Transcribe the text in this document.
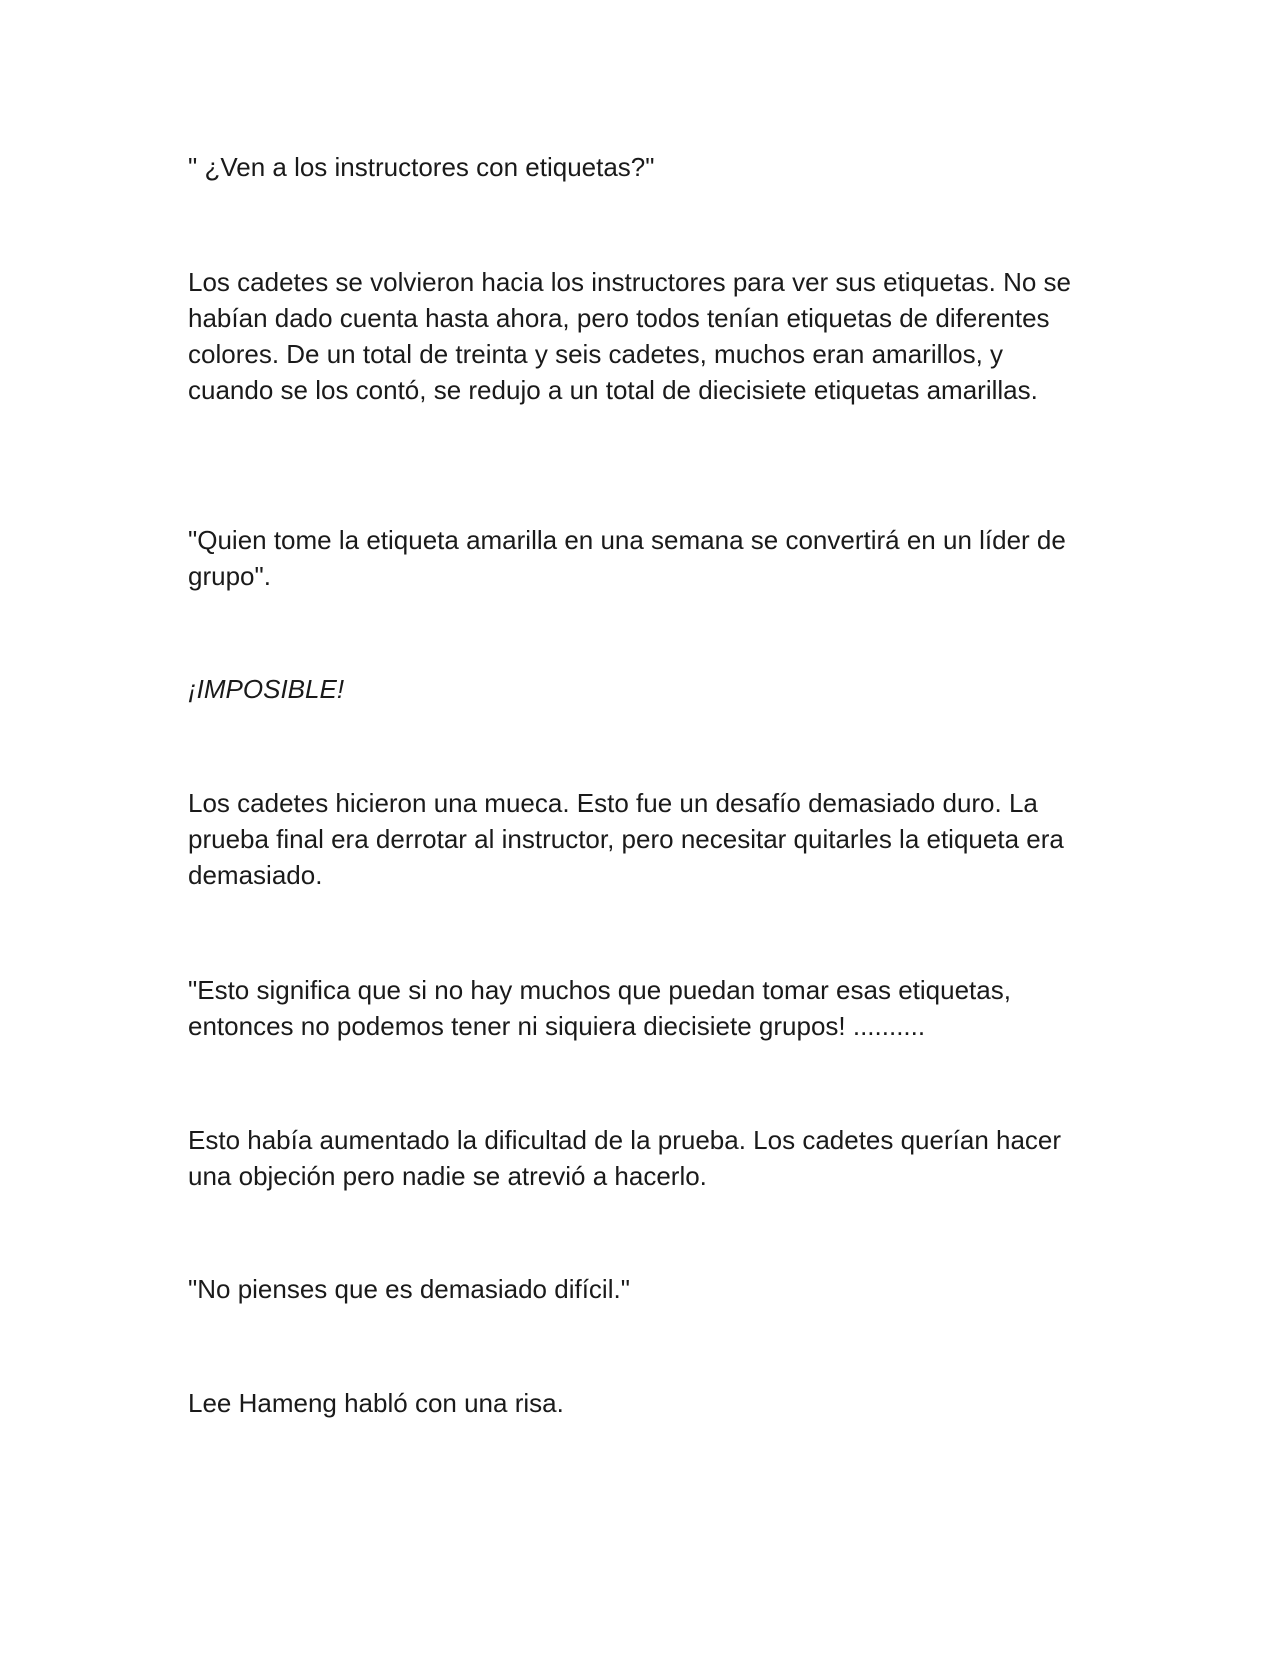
" ¿Ven a los instructores con etiquetas?"

Los cadetes se volvieron hacia los instructores para ver sus etiquetas. No se habían dado cuenta hasta ahora, pero todos tenían etiquetas de diferentes colores. De un total de treinta y seis cadetes, muchos eran amarillos, y cuando se los contó, se redujo a un total de diecisiete etiquetas amarillas.

"Quien tome la etiqueta amarilla en una semana se convertirá en un líder de grupo".

¡IMPOSIBLE!

Los cadetes hicieron una mueca. Esto fue un desafío demasiado duro. La prueba final era derrotar al instructor, pero necesitar quitarles la etiqueta era demasiado.

"Esto significa que si no hay muchos que puedan tomar esas etiquetas, entonces no podemos tener ni siquiera diecisiete grupos! ..........

Esto había aumentado la dificultad de la prueba. Los cadetes querían hacer una objeción pero nadie se atrevió a hacerlo.

"No pienses que es demasiado difícil."

Lee Hameng habló con una risa.
